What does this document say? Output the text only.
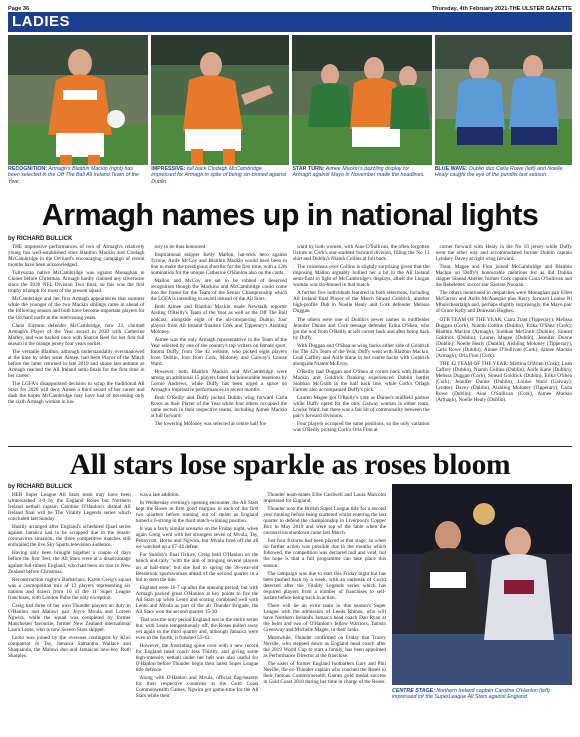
Page 36	Thursday, 4th February 2021-THE ULSTER GAZETTE
LADIES
RECOGNITION: Armagh's Blaithin Mackin (right) has been selected in the Off The Ball All Ireland Team of the Year.
IMPRESSIVE: full back Clodagh McCambridge impressed for Armagh in spite of being sin-binned against Dublin.
STAR TURN: Aimee Mackin's dazzling display for Armagh against Mayo in November made the headlines.
BLUE WAVE: Dublin duo Carla Rowe (left) and Noelle Healy caught the eye of the pundits last season.
Armagh names up in national lights
by RICHARD BULLICK

THE impressive performances of two of Armagh's relatively young but well-established stars Blaithin Mackin and Clodagh McCambridge in the Orchard's encouraging campaign of recent months have been acknowledged.

Tullysaran native McCambridge was against Monaghan in Clones before Christmas. Armagh hardly claimed any silverware since the 2020 NFL Division Two final, so this was the first trophy triumph for most of the present squad.

McCambridge and her first Armagh appearances that summer while the younger of the two Mackin siblings came in ahead of the following season and both have become important players for the Orchard outfit in the intervening years.

Clann Eireann defender McCambridge, now 23, claimed Armagh's Player of the Year award in 2020 with Catherine Marley, and was backed once with Sharon Reel for her first full season in the orange jersey four years earlier.

The versatile Blaithin, although understandably overshadowed at the time by older sister Aimee, had been Player of the Match before the latter returned in late 2019 and shone last autumn as Armagh reached the All Ireland semi-finals for the first time in her career.

The LGFA's disappointed decision to scrap the traditional All Stars for 2020 will deny Aimee a third award of her career and dash the hopes McCambridge may have had of becoming only the sixth Armagh woman in his-

tory to be thus honoured.

Inspirational skipper Kelly Mallon, hat-trick hero against Tyrone, Aoife McCoy and Blaithin Mackin would have been in line to make the prestigious shortlist for the first time, with a 12th nomination for the unique Catherine O'Hanlon also on the cards.

Mallon and McCoy are set to be robbed of deserved recognition though the Mackins and McCambridge could come into the frame for the Team of the Senior Championship which the LGFA is intending to award instead of the All Stars.

Both Aimee and Blaithin Mackin made Newstalk reporter Aisling O'Reilly's Team of the Year as well as the Off The Ball podcast, alongside eight of the all-conquering Dublin, four players from All Ireland finalists Cork and Tipperary's Aishling Moloney.

Aimee was the only Armagh representative in the Team of the Year selected by one of the country's top writers on female sport, Emma Duffy, from The 42 website, who picked eight players from Dublin, four from Cork, Moloney and Galway's Louise Ward.

However, both Blaithin Mackin and McCambridge were among an additional 15 players listed for honourable mentions by Cornie Andrews, while Duffy has been urged a space on Armagh's impressive performances in recent months.

Both O'Reilly and Duffy picked Dublin wing forward Carla Rowe as their Player of the Year while four others occupied the same sectors in their respective teams, including Aimee Mackin at full forward.

The towering Moloney was selected at centre half for-

ward by both women, with Aine O'Sullivan, the often forgotten fixture in Cork's star-studded forward division, filling the No 13 shirt and Dublin's Niamh Collins at full back.

The consensus over Collins is slightly surprising given that the imposing Mallon arguably bullied her a bit in the All Ireland semi-final in light of McCambridge's displays, albeit the Lurgan woman was sin-binned in that match.

A further five individuals featured in both selections, including All Ireland final Player of the Match Sinead Goldrick, another high-profile Dub in Noelle Healy and Cork defender Melissa Duggan.

The others were one of Dublin's newer names in midfielder Jennifer Dunne and Cork teenage defender Erika O'Shea, who got the nod from O'Reilly at left corner back and after being back by Duffy.

With Duggan and O'Shea as wing backs either side of Goldrick for The 42's Team of the Year, Duffy went with Blaithin Mackin, Leah Caffrey and Aoife Kane in her centre backs with Goldrick alongside Niamh McEvoy.

O'Reilly had Duggan and O'Shea at corner back with Blaithin Mackin and Goldrick flanking experienced Dublin battler Siobhan McGrath in the half back line, while Cork's Orlagh Farmer also accompanied Duffy's pick.

Lauren Magee got O'Reilly's vote as Dunne's midfield partner while Duffy opted for the only Galway woman in either team, Louise Ward, but there was a fair bit of commonality between the pair's forward divisions.

Four players occupied the same positions, so the only variation was O'Reilly picking Cork's Orla Finn at

corner forward with Healy in the No 10 jersey while Duffy went the other way and accommodated former Dublin captain Lyndsey Davey at right wing forward.

Treat, Magee and Finn joined McCambridge and Blaithin Mackin on Duffy's honourable mentions list as did Dublin skipper Sinead Aherne, former Cork captain Ciara O'Sullivan and the Rebelettes' soccer star Saoirse Noonan.

The others mentioned in despatches were Monaghan pair Ellen McCarron and Aoife McAnespie plus Kerry forward Louise Ni Mhuircheartaigh and, perhaps slightly surprisingly, the Mayo pair of Grace Kelly and Doireann Hughes.

OTB TEAM OF THE YEAR: Ciara Trant (Tipperary); Melissa Duggan (Cork), Niamh Collins (Dublin), Erika O'Shea (Cork); Blaithin Mackin (Armagh), Siobhan McGrath (Dublin), Sinead Goldrick (Dublin); Lauren Magee (Dublin), Jennifer Dunne (Dublin); Noelle Healy (Dublin), Aishling Moloney (Tipperary), Carla Rowe (Dublin); Aimee O'Sullivan (Cork), Aimee Mackin (Armagh), Orla Finn (Cork).

THE 42 TEAM OF THE YEAR: Martina O'Brien (Cork); Leah Caffrey (Dublin), Niamh Collins (Dublin), Aoife Kane (Dublin); Melissa Duggan (Cork), Sinead Goldrick (Dublin), Erika O'Shea (Cork); Jennifer Dunne (Dublin), Louise Ward (Galway); Lyndsey Davey (Dublin), Aishling Moloney (Tipperary), Carla Rowe (Dublin); Aine O'Sullivan (Cork), Aimee Mackin (Armagh), Noelle Healy (Dublin).

All stars lose sparkle as roses bloom
by RICHARD BULLICK

HER Super League All Stars team may have been whitewashed 3-0 by the England Roses but Northern Ireland netball captain Caroline O'Hanlon's dismal All Ireland final will be The Vitality Legends series which concluded last Sunday.

Hastily arranged after England's scheduled Quad series against Jamaica had to be scrapped due to the drastic coronavirus situation, the three competitive matches still enthralled the live Sky Sports television audience.

Having only been brought together a couple of days before the first Test, the All Stars were at a disadvantage against full-timers England, who had been on tour to New Zealand before Christmas.

Reconstruction rugby's Barbarians, Karen Greig's squad was a cosmopolitan mix of 13 players representing six nations and drawn from 10 of the 11 Super League franchises, with London Pulse the only exception.

Greig had three of her own Thunder players on duty in O'Hanlon and Malawi pair Joyce Mvula and Loreen Ngwira, while the squad was completed by former Manchester favourite, former New Zealand international Laura Leoto, who is now Severn Stars skipper.

Leoto was joined by the overseas contingent by Kiwi compatriot Jo Tay, Jamaica Samantha Wallace and Shaquanda, the Malawi duo and Jamaican new-boy Ruth Sharples.

was a late addition.

In Wednesday evening's opening encounter, the All Stars kept the Roses in firm good margins in each of the first two quarters before running out of steam as England turned a 6-strong in the third match-winning position.

It was a fairly similar scenario on the Friday night, when again Greig went with her strongest seven of Mvula, Tay, Pennycott, Horns and Ngwira, but Mvula fired off the all we watched up a 67-44 defeat.

For Sunday's final fixture, Greig held O'Hanlon on the bench and rally "with the aim of bringing several players on at half-time" but she had to spring the 36-year-old Bessbrook sportswoman ahead of the second quarter in a bid to stem the tide.

England were 16-7 up after the opening period, but with Armagh packed great O'Hanlon at key points to fire the All Stars up when Leoto and scoring combined well with Leoto and Mvula as part of the all Thunder Brigade, the All Stars won the second quarter 15-10.

That was the only period England lost in the entire series but, with Leoto tempestuously off, the Roses pulled away yet again in the third quarter and, although Jamaica were even in the fourth, it finished 55-43.

However, the frustrating spine over with a new record for England head coach Jess Thirlby, and giving some high-intensity netball under her belt was also useful for O'Hanlon before Thunder begin their latest Super League title defence.

Along with O'Hanlon and Mvula, official flag-bearers for their respective countries at the Gold Coast Commonwealth Games, Ngwira got game-time for the All Stars while their

Thunder team-mates Ellie Cardwell and Laura Malcolm impressed for England.

Thunder won the British Super League title for a second year running before being scattered whilst entering the last quarter to defend the championship in Liverpool's Copper Box in May 2019 and were top of the table when the coronavirus shutdown came last March.

Just four fixtures had been played at that stage, so when no further action was possible due to the months which followed, the competition was declared null and void, but the hope is that a full programme can take place this season.

The campaign was due to start this Friday night but has been pushed back by a week, with an outbreak of Covid detected after the Vitality Legends series which has required players from a number of franchises to self-isolate before being back in action.

There will be an extra team in this season's Super League with the admission of Leeds Rhinos, who will have Northern Ireland's Jamaica head coach Dan Ryan at the helm and two of O'Hanlon's fellow Warriors, Tamsin Greenway and Michelle Magee, in their ranks.

Meanwhile, Thunder confirmed on Friday that Tracey Neville, who stepped down as England head coach after the 2019 World Cup to start a family, has been appointed as Performance Director at the franchise.

The sister of former England footballers Gary and Phil Neville, the ex-Thunder captain who coached the Roses to their famous Commonwealth Games gold medal success in Gold Coast 2018 during her time in charge of the Roses.

CENTRE STAGE: Northern Ireland captain Caroline O'Hanlon (left) impressed for the SuperLeague All Stars against England.
